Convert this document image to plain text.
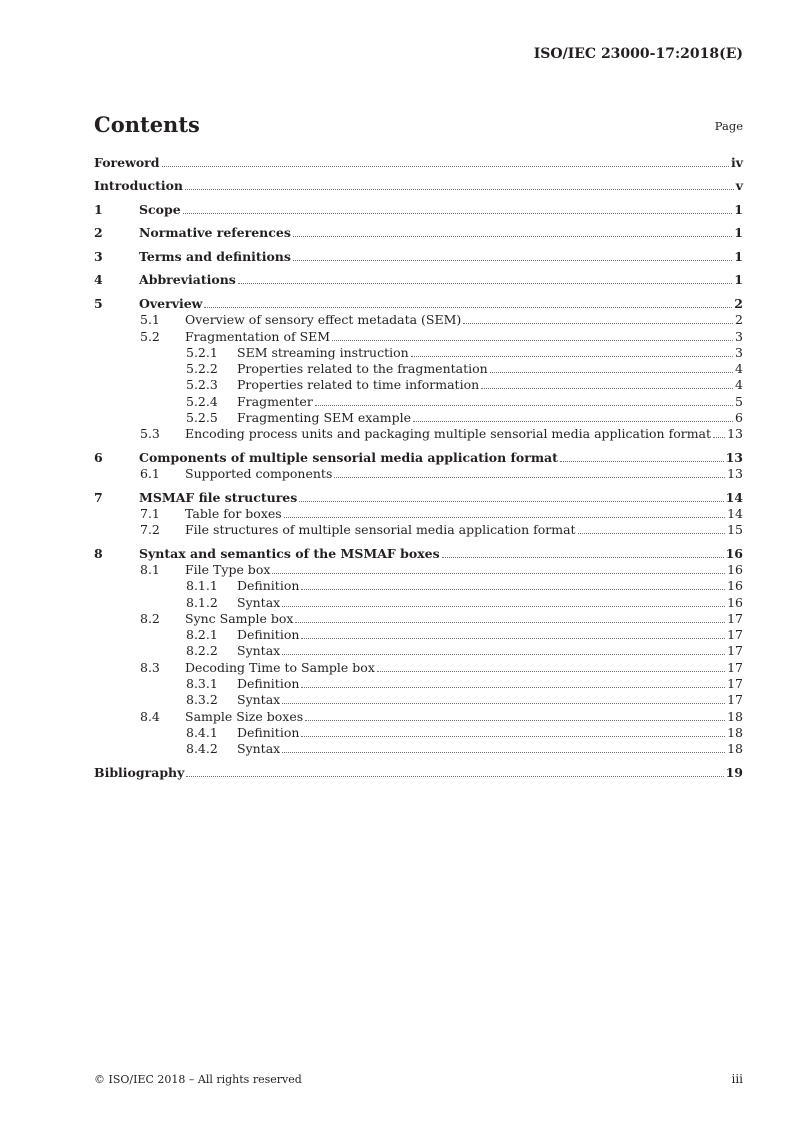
ISO/IEC 23000-17:2018(E)
Contents	Page
Foreword	iv
Introduction	v
1	Scope	1
2	Normative references	1
3	Terms and definitions	1
4	Abbreviations	1
5	Overview	2
5.1 Overview of sensory effect metadata (SEM)	2
5.2 Fragmentation of SEM	3
5.2.1 SEM streaming instruction	3
5.2.2 Properties related to the fragmentation	4
5.2.3 Properties related to time information	4
5.2.4 Fragmenter	5
5.2.5 Fragmenting SEM example	6
5.3 Encoding process units and packaging multiple sensorial media application format 13
6	Components of multiple sensorial media application format	13
6.1 Supported components	13
7	MSMAF file structures	14
7.1 Table for boxes	14
7.2 File structures of multiple sensorial media application format	15
8	Syntax and semantics of the MSMAF boxes	16
8.1 File Type box	16
8.1.1 Definition	16
8.1.2 Syntax	16
8.2 Sync Sample box	17
8.2.1 Definition	17
8.2.2 Syntax	17
8.3 Decoding Time to Sample box	17
8.3.1 Definition	17
8.3.2 Syntax	17
8.4 Sample Size boxes	18
8.4.1 Definition	18
8.4.2 Syntax	18
Bibliography	19
© ISO/IEC 2018 – All rights reserved	iii
